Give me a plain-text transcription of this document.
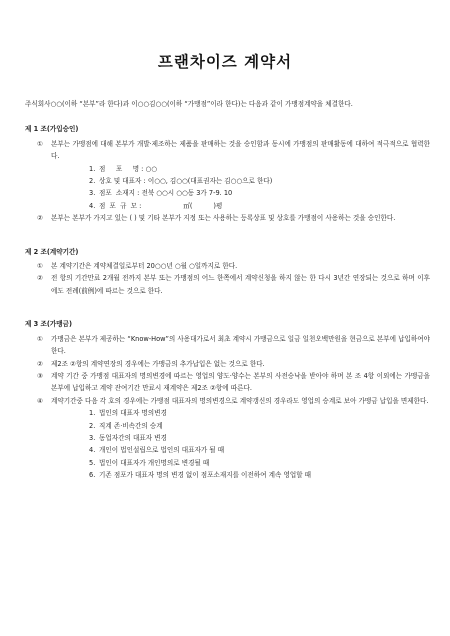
프랜차이즈 계약서

주식회사○○(이하 “본부”라 한다)과 이○○김○○(이하 “가맹점”이라 한다)는 다음과 같이 가맹점계약을 체결한다.

제 1 조(가입승인)
①	본부는 가맹점에 대해 본부가 개발·제조하는 제품을 판매하는 것을 승인함과 동시에 가맹점의 판매활동에 대하여 적극적으로 협력한다.
1. 점     포     명 : ○○
2. 상호 및 대표자 : 이○○, 김○○(대표권자는 김○○으로 한다)
3. 점포  소재지 : 전북 ○○시 ○○동 3가 7-9. 10
4. 점  포  규  모 :                    ㎡(          )평
②	본부는 본부가 가지고 있는 ( ) 및 기타 본부가 지정 또는 사용하는 등록상표 및 상호를 가맹점이 사용하는 것을 승인한다.
제 2 조(계약기간)
①	본 계약기간은 계약체결일로부터 20○○년 ○월 ○일까지로 한다.
②	전 항의 기간만료 2개월 전까지 본부 또는 가맹점의 어느 한쪽에서 계약신청을 하지 않는 한 다시 3년간 연장되는 것으로 하며 이후에도 전례(前例)에 따르는 것으로 한다.
제 3 조(가맹금)
①	가맹금은 본부가 제공하는 “Know-How”의 사용대가로서 최초 계약시 가맹금으로 일금 일천오백만원을 현금으로 본부에 납입하여야 한다.
②	제2조 ②항의 계약연장의 경우에는 가맹금의 추가납입은 없는 것으로 한다.
③	계약 기간 중 가맹점 대표자의 명의변경에 따르는 영업의 양도·양수는 본부의 사전승낙을 받아야 하며 본 조 4항 이외에는 가맹금을 본부에 납입하고 계약 잔여기간 만료시 재계약은 제2조 ②항에 따른다.
④	계약기간중 다음 각 호의 경우에는 가맹점 대표자의 명의변경으로 계약갱신의 경우라도 영업의 승계로 보아 가맹금 납입을 면제한다.
1. 법인의 대표자 명의변경
2. 직계 존·비속간의 승계
3. 동업자간의 대표자 변경
4. 개인이 법인설립으로 법인의 대표자가 될 때
5. 법인이 대표자가 개인명의로 변경될 때
6. 기존 점포가 대표자 명의 변경 없이 점포소재지를 이전하여 계속 영업할 때
